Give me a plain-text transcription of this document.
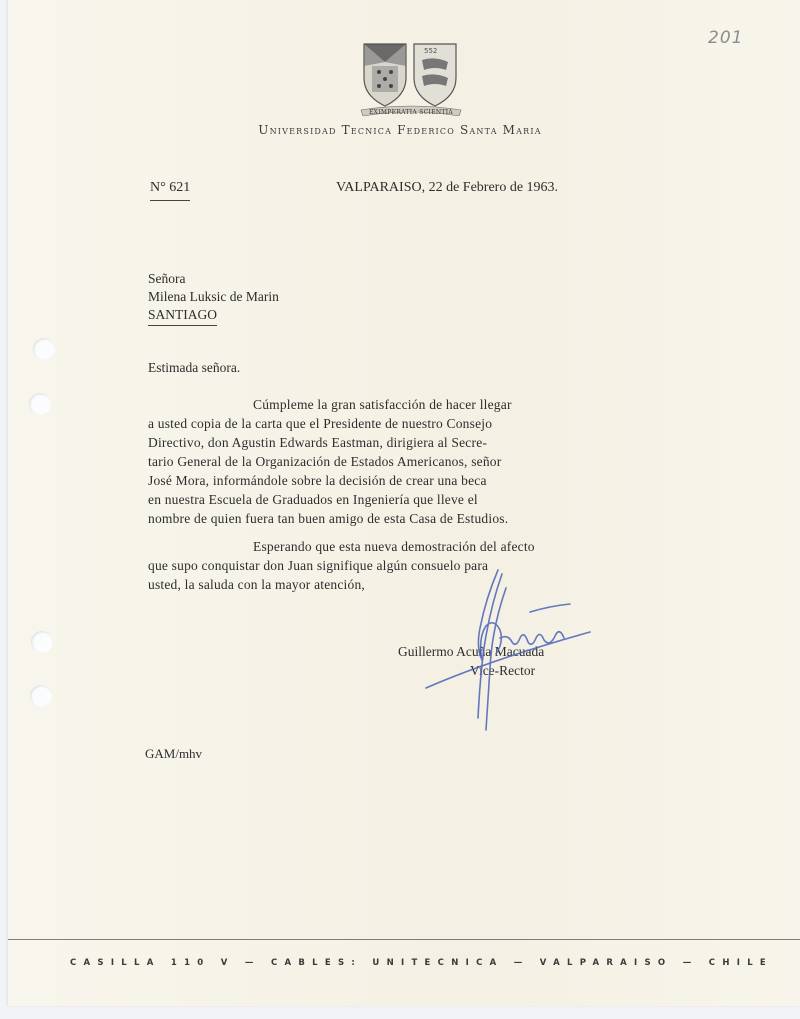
201
552
EXIMPERATIA SCIENTIA
Universidad Tecnica Federico Santa Maria
N° 621	VALPARAISO, 22 de Febrero de 1963.
Señora
Milena Luksic de Marin
SANTIAGO
Estimada señora.
Cúmpleme la gran satisfacción de hacer llegar
a usted copia de la carta que el Presidente de nuestro Consejo
Directivo, don Agustin Edwards Eastman, dirigiera al Secre-
tario General de la Organización de Estados Americanos, señor
José Mora, informándole sobre la decisión de crear una beca
en nuestra Escuela de Graduados en Ingeniería que lleve el
nombre de quien fuera tan buen amigo de esta Casa de Estudios.
Esperando que esta nueva demostración del afecto
que supo conquistar don Juan signifique algún consuelo para
usted, la saluda con la mayor atención,
Guillermo Acuña Macuada
Vice-Rector
GAM/mhv
CASILLA 110 V — CABLES: UNITECNICA — VALPARAISO — CHILE
